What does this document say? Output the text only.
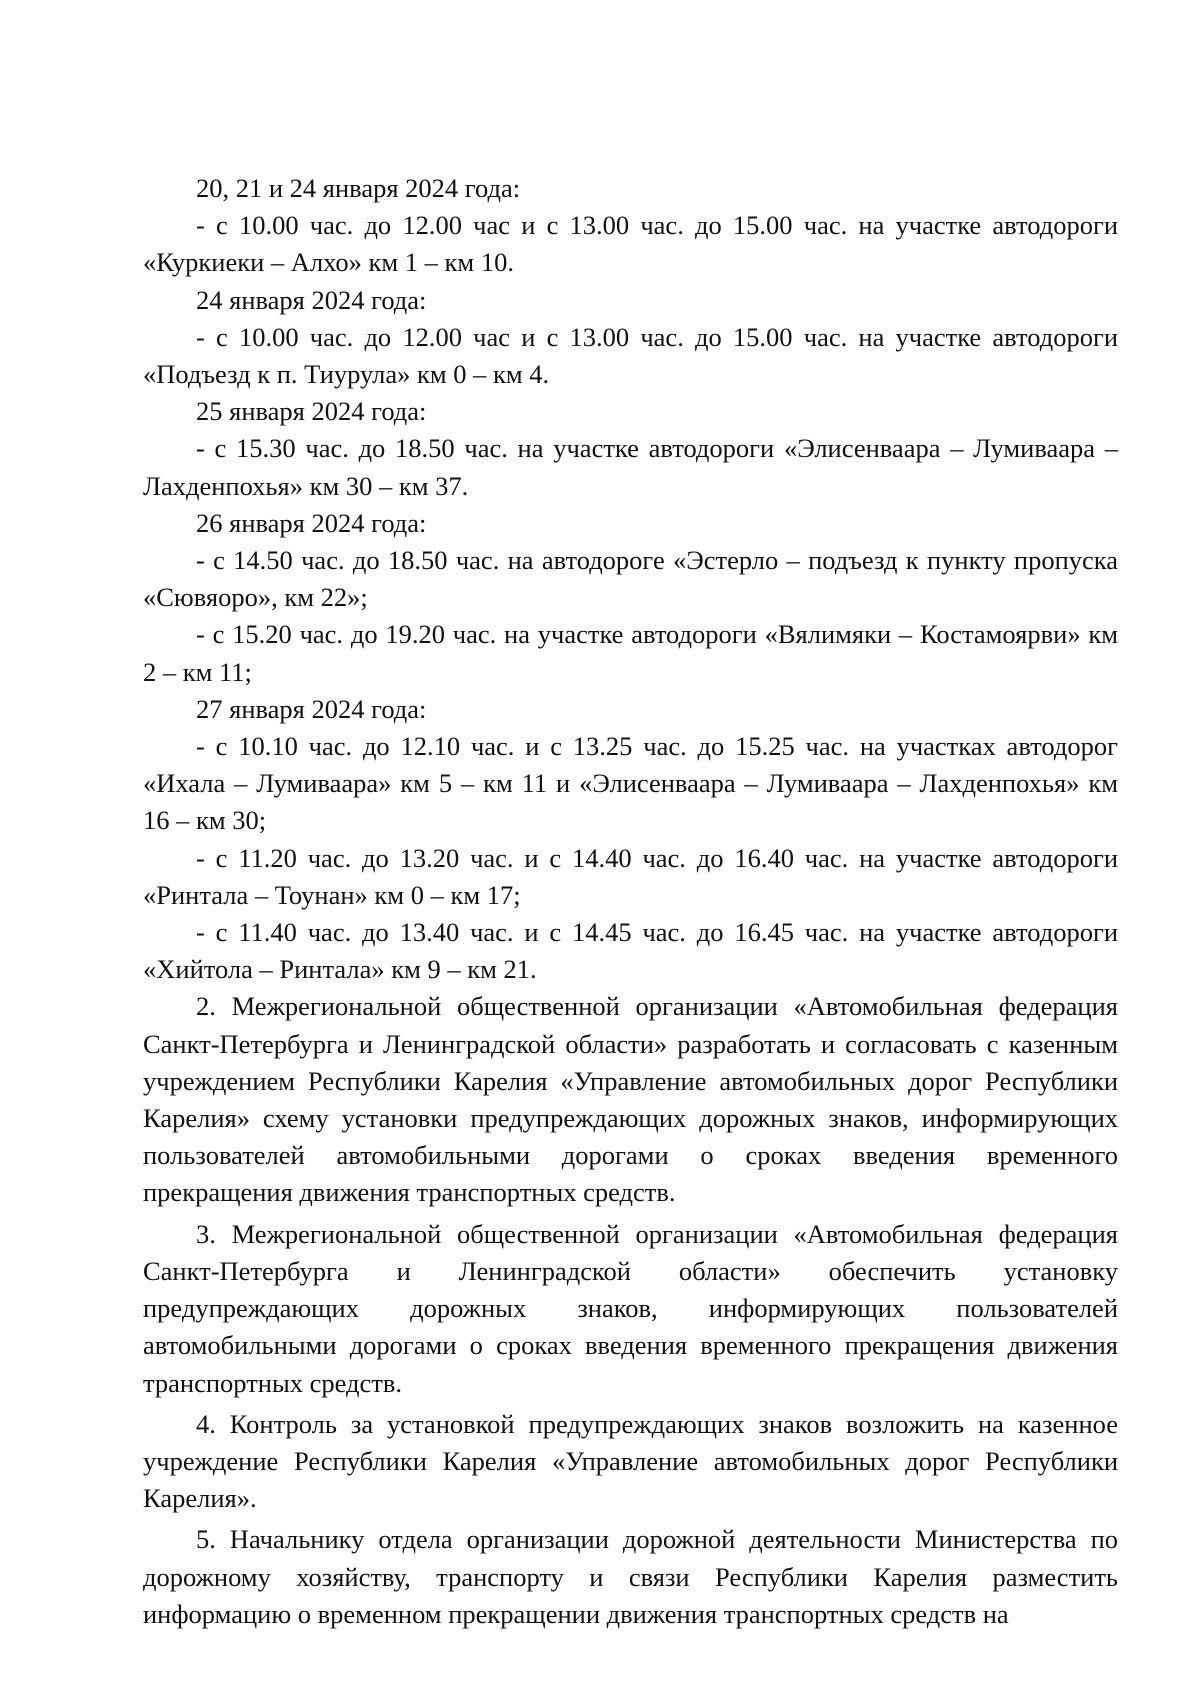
20, 21 и 24 января 2024 года:

- с 10.00 час. до 12.00 час и с 13.00 час. до 15.00 час. на участке автодороги «Куркиеки – Алхо» км 1 – км 10.

24 января 2024 года:

- с 10.00 час. до 12.00 час и с 13.00 час. до 15.00 час. на участке автодороги «Подъезд к п. Тиурула» км 0 – км 4.

25 января 2024 года:

- с 15.30 час. до 18.50 час. на участке автодороги «Элисенваара – Лумиваара – Лахденпохья» км 30 – км 37.

26 января 2024 года:

- с 14.50 час. до 18.50 час. на автодороге «Эстерло – подъезд к пункту пропуска «Сювяоро», км 22»;

- с 15.20 час. до 19.20 час. на участке автодороги «Вялимяки – Костамоярви» км 2 – км 11;

27 января 2024 года:

- с 10.10 час. до 12.10 час. и с 13.25 час. до 15.25 час. на участках автодорог «Ихала – Лумиваара» км 5 – км 11 и «Элисенваара – Лумиваара – Лахденпохья» км 16 – км 30;

- с 11.20 час. до 13.20 час. и с 14.40 час. до 16.40 час. на участке автодороги «Ринтала – Тоунан» км 0 – км 17;

- с 11.40 час. до 13.40 час. и с 14.45 час. до 16.45 час. на участке автодороги «Хийтола – Ринтала» км 9 – км 21.

2. Межрегиональной общественной организации «Автомобильная федерация Санкт-Петербурга и Ленинградской области» разработать и согласовать с казенным учреждением Республики Карелия «Управление автомобильных дорог Республики Карелия» схему установки предупреждающих дорожных знаков, информирующих пользователей автомобильными дорогами о сроках введения временного прекращения движения транспортных средств.

3. Межрегиональной общественной организации «Автомобильная федерация Санкт-Петербурга и Ленинградской области» обеспечить установку предупреждающих дорожных знаков, информирующих пользователей автомобильными дорогами о сроках введения временного прекращения движения транспортных средств.

4. Контроль за установкой предупреждающих знаков возложить на казенное учреждение Республики Карелия «Управление автомобильных дорог Республики Карелия».

5. Начальнику отдела организации дорожной деятельности Министерства по дорожному хозяйству, транспорту и связи Республики Карелия разместить информацию о временном прекращении движения транспортных средств на
